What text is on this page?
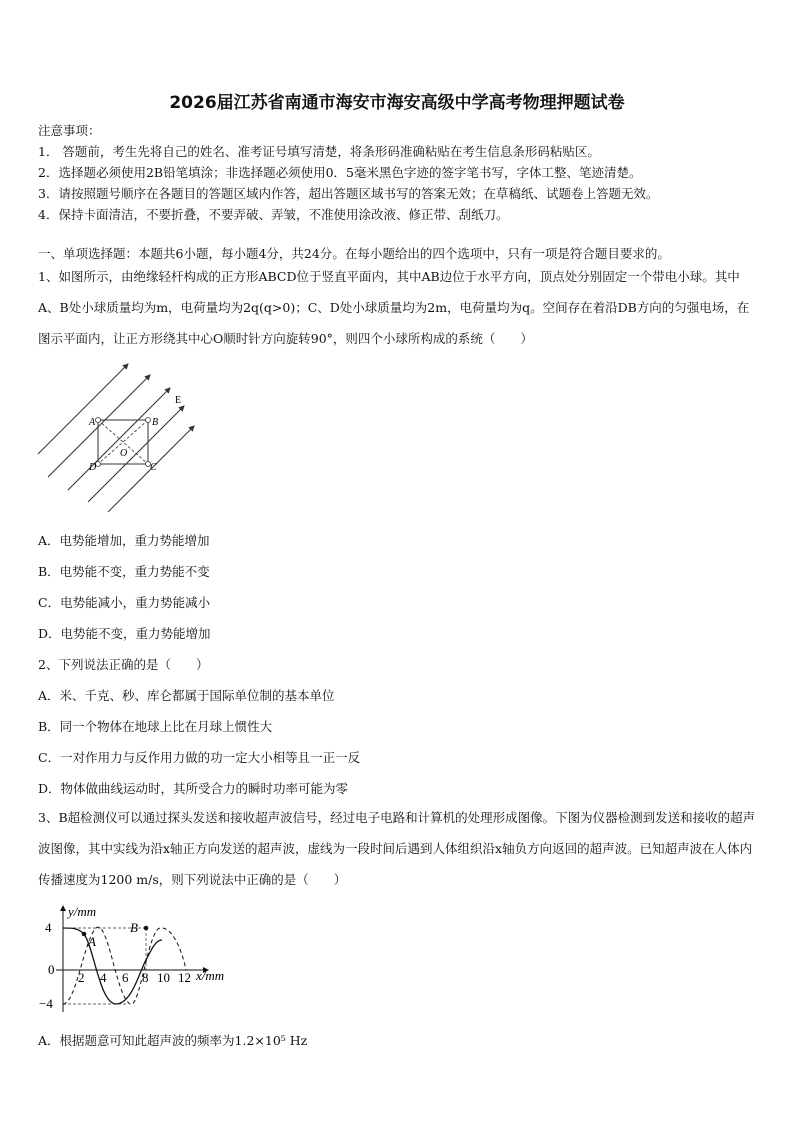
2026届江苏省南通市海安市海安高级中学高考物理押题试卷
注意事项：
1． 答题前，考生先将自己的姓名、准考证号填写清楚，将条形码准确粘贴在考生信息条形码粘贴区。
2．选择题必须使用2B铅笔填涂；非选择题必须使用0．5毫米黑色字迹的签字笔书写，字体工整、笔迹清楚。
3．请按照题号顺序在各题目的答题区域内作答，超出答题区域书写的答案无效；在草稿纸、试题卷上答题无效。
4．保持卡面清洁，不要折叠，不要弄破、弄皱，不准使用涂改液、修正带、刮纸刀。
一、单项选择题：本题共6小题，每小题4分，共24分。在每小题给出的四个选项中，只有一项是符合题目要求的。
1、如图所示，由绝缘轻杆构成的正方形ABCD位于竖直平面内，其中AB边位于水平方向，顶点处分别固定一个带电小球。其中A、B处小球质量均为m，电荷量均为2q(q>0)；C、D处小球质量均为2m，电荷量均为q。空间存在着沿DB方向的匀强电场，在图示平面内，让正方形绕其中心O顺时针方向旋转90°，则四个小球所构成的系统（　　）
A	B
C
D
O
E
A．电势能增加，重力势能增加
B．电势能不变，重力势能不变
C．电势能减小，重力势能减小
D．电势能不变，重力势能增加
2、下列说法正确的是（　　）
A．米、千克、秒、库仑都属于国际单位制的基本单位
B．同一个物体在地球上比在月球上惯性大
C．一对作用力与反作用力做的功一定大小相等且一正一反
D．物体做曲线运动时，其所受合力的瞬时功率可能为零
3、B超检测仪可以通过探头发送和接收超声波信号，经过电子电路和计算机的处理形成图像。下图为仪器检测到发送和接收的超声波图像，其中实线为沿x轴正方向发送的超声波，虚线为一段时间后遇到人体组织沿x轴负方向返回的超声波。已知超声波在人体内传播速度为1200 m/s，则下列说法中正确的是（　　）
y/mm
x/mm
4
0
−4
2 4 6 8 10 12
A
B
A．根据题意可知此超声波的频率为1.2×10⁵ Hz
